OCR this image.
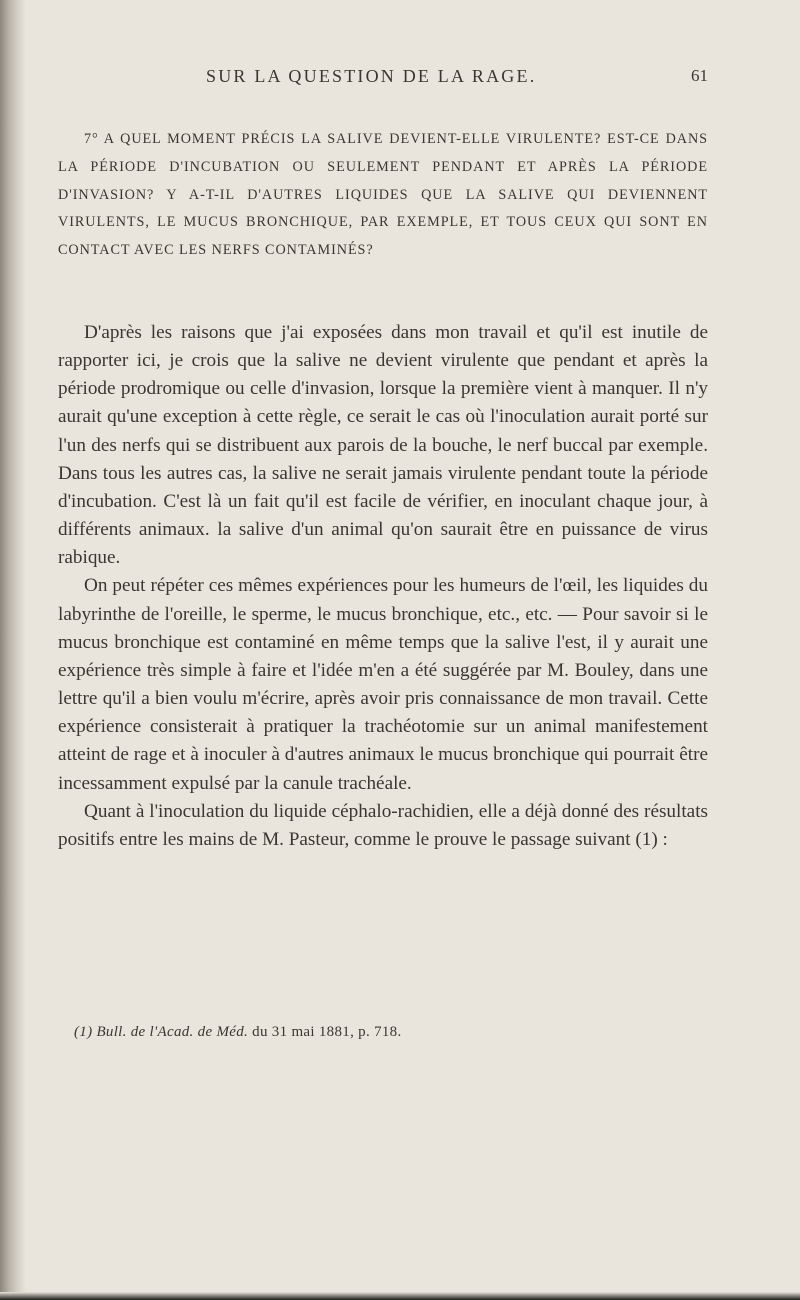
SUR LA QUESTION DE LA RAGE.	61
7° A QUEL MOMENT PRÉCIS LA SALIVE DEVIENT-ELLE VIRULENTE? EST-CE DANS LA PÉRIODE D'INCUBATION OU SEULEMENT PENDANT ET APRÈS LA PÉRIODE D'INVASION? Y A-T-IL D'AUTRES LIQUIDES QUE LA SALIVE QUI DEVIENNENT VIRULENTS, LE MUCUS BRONCHIQUE, PAR EXEMPLE, ET TOUS CEUX QUI SONT EN CONTACT AVEC LES NERFS CONTAMINÉS?

D'après les raisons que j'ai exposées dans mon travail et qu'il est inutile de rapporter ici, je crois que la salive ne devient virulente que pendant et après la période prodromique ou celle d'invasion, lorsque la première vient à manquer. Il n'y aurait qu'une exception à cette règle, ce serait le cas où l'inoculation aurait porté sur l'un des nerfs qui se distribuent aux parois de la bouche, le nerf buccal par exemple. Dans tous les autres cas, la salive ne serait jamais virulente pendant toute la période d'incubation. C'est là un fait qu'il est facile de vérifier, en inoculant chaque jour, à différents animaux. la salive d'un animal qu'on saurait être en puissance de virus rabique.

On peut répéter ces mêmes expériences pour les humeurs de l'œil, les liquides du labyrinthe de l'oreille, le sperme, le mucus bronchique, etc., etc. — Pour savoir si le mucus bronchique est contaminé en même temps que la salive l'est, il y aurait une expérience très simple à faire et l'idée m'en a été suggérée par M. Bouley, dans une lettre qu'il a bien voulu m'écrire, après avoir pris connaissance de mon travail. Cette expérience consisterait à pratiquer la trachéotomie sur un animal manifestement atteint de rage et à inoculer à d'autres animaux le mucus bronchique qui pourrait être incessamment expulsé par la canule trachéale.

Quant à l'inoculation du liquide céphalo-rachidien, elle a déjà donné des résultats positifs entre les mains de M. Pasteur, comme le prouve le passage suivant (1) :

(1) Bull. de l'Acad. de Méd. du 31 mai 1881, p. 718.
